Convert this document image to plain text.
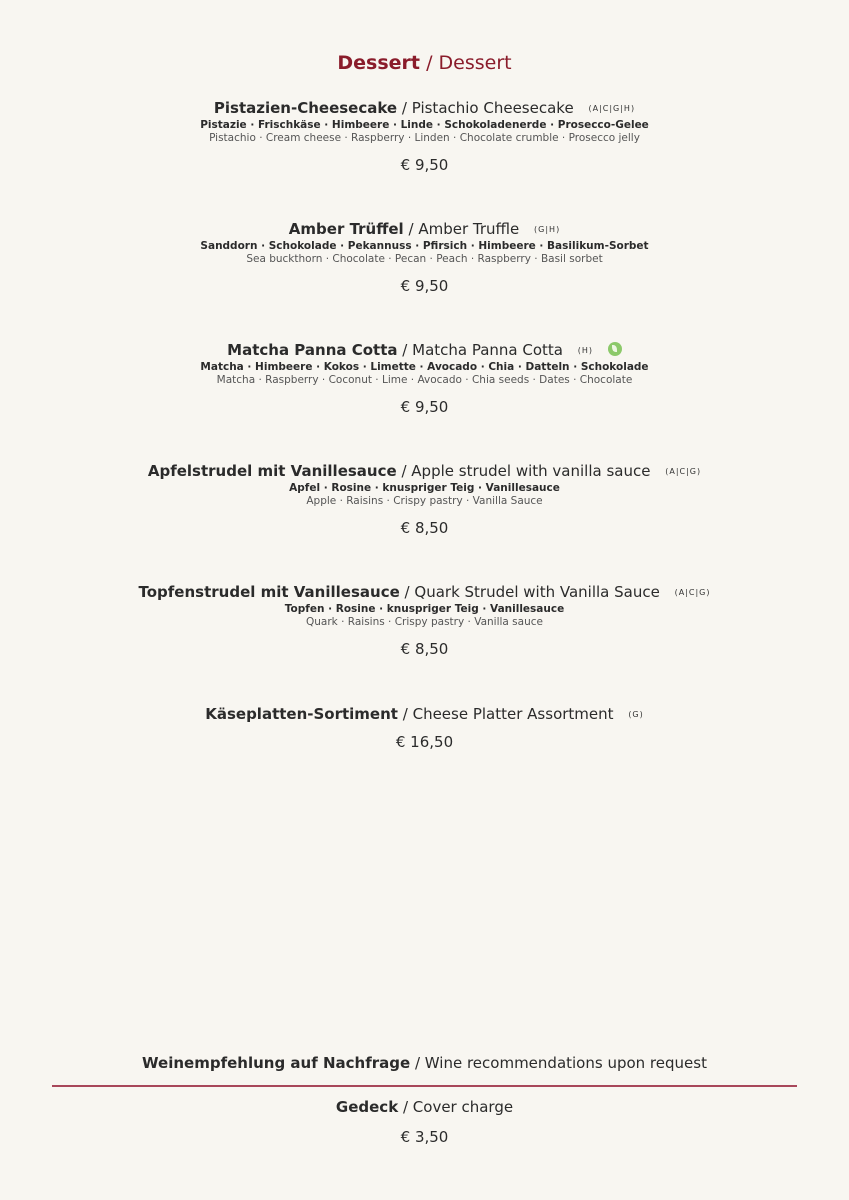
Dessert / Dessert
Pistazien-Cheesecake / Pistachio Cheesecake (A|C|G|H)
Pistazie · Frischkäse · Himbeere · Linde · Schokoladenerde · Prosecco-Gelee
Pistachio · Cream cheese · Raspberry · Linden · Chocolate crumble · Prosecco jelly
€ 9,50
Amber Trüffel / Amber Truffle (G|H)
Sanddorn · Schokolade · Pekannuss · Pfirsich · Himbeere · Basilikum-Sorbet
Sea buckthorn · Chocolate · Pecan · Peach · Raspberry · Basil sorbet
€ 9,50
Matcha Panna Cotta / Matcha Panna Cotta (H)
Matcha · Himbeere · Kokos · Limette · Avocado · Chia · Datteln · Schokolade
Matcha · Raspberry · Coconut · Lime · Avocado · Chia seeds · Dates · Chocolate
€ 9,50
Apfelstrudel mit Vanillesauce / Apple strudel with vanilla sauce (A|C|G)
Apfel · Rosine · knuspriger Teig · Vanillesauce
Apple · Raisins · Crispy pastry · Vanilla Sauce
€ 8,50
Topfenstrudel mit Vanillesauce / Quark Strudel with Vanilla Sauce (A|C|G)
Topfen · Rosine · knuspriger Teig · Vanillesauce
Quark · Raisins · Crispy pastry · Vanilla sauce
€ 8,50
Käseplatten-Sortiment / Cheese Platter Assortment (G)
€ 16,50
Weinempfehlung auf Nachfrage / Wine recommendations upon request
Gedeck / Cover charge
€ 3,50
